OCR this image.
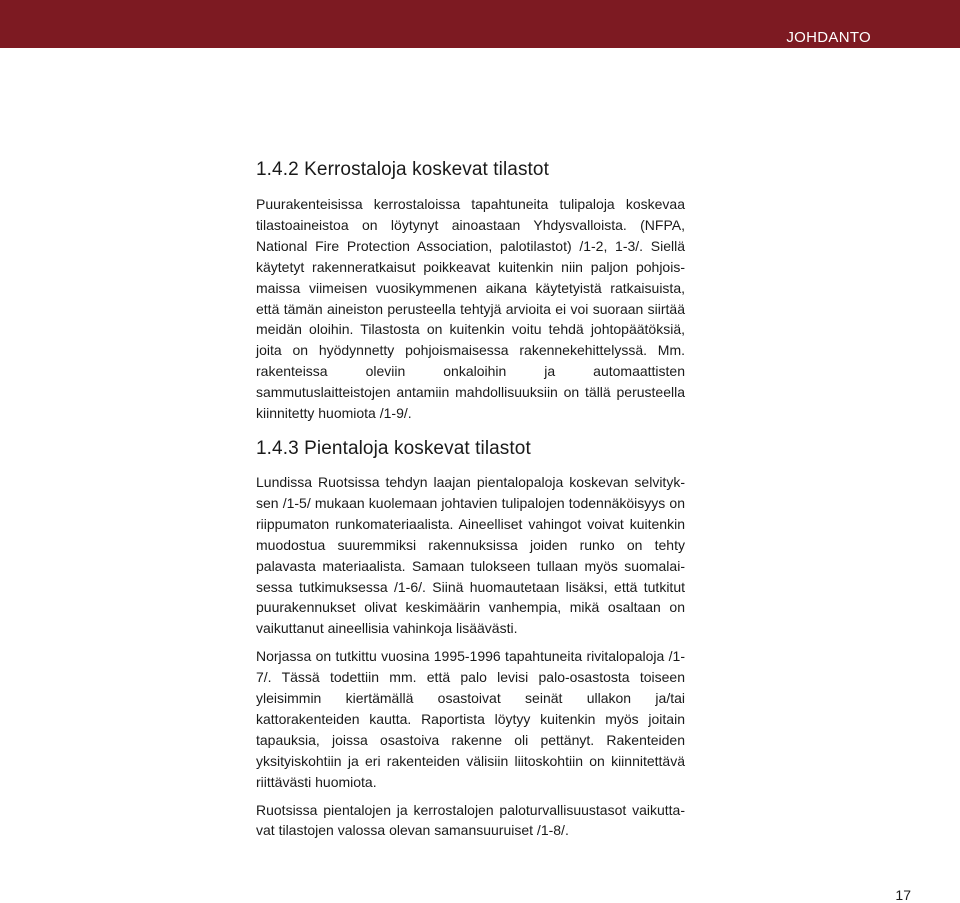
JOHDANTO
1.4.2 Kerrostaloja koskevat tilastot

Puurakenteisissa kerrostaloissa tapahtuneita tulipaloja koskevaa tilastoaineistoa on löytynyt ainoastaan Yhdysvalloista. (NFPA, National Fire Protection Association, palotilastot) /1-2, 1-3/. Siellä käytetyt rakenneratkaisut poikkeavat kuitenkin niin paljon pohjoismaissa viimeisen vuosikymmenen aikana käytetyistä ratkaisuista, että tämän aineiston perusteella tehtyjä arvioita ei voi suoraan siirtää meidän oloihin. Tilastosta on kuitenkin voitu tehdä johtopäätöksiä, joita on hyödynnetty pohjoismaisessa rakennekehittelyssä. Mm. rakenteissa oleviin onkaloihin ja automaattisten sammutuslaitteistojen antamiin mahdollisuuksiin on tällä perusteella kiinnitetty huomiota /1-9/.

1.4.3 Pientaloja koskevat tilastot

Lundissa Ruotsissa tehdyn laajan pientalopaloja koskevan selvityksen /1-5/ mukaan kuolemaan johtavien tulipalojen todennäköisyys on riippumaton runkomateriaalista. Aineelliset vahingot voivat kuitenkin muodostua suuremmiksi rakennuksissa joiden runko on tehty palavasta materiaalista. Samaan tulokseen tullaan myös suomalaisessa tutkimuksessa /1-6/. Siinä huomautetaan lisäksi, että tutkitut puurakennukset olivat keskimäärin vanhempia, mikä osaltaan on vaikuttanut aineellisia vahinkoja lisäävästi.

Norjassa on tutkittu vuosina 1995-1996 tapahtuneita rivitalopaloja /1-7/. Tässä todettiin mm. että palo levisi palo-osastosta toiseen yleisimmin kiertämällä osastoivat seinät ullakon ja/tai kattorakenteiden kautta. Raportista löytyy kuitenkin myös joitain tapauksia, joissa osastoiva rakenne oli pettänyt. Rakenteiden yksityiskohtiin ja eri rakenteiden välisiin liitoskohtiin on kiinnitettävä riittävästi huomiota.

Ruotsissa pientalojen ja kerrostalojen paloturvallisuustasot vaikuttavat tilastojen valossa olevan samansuuruiset /1-8/.

17
